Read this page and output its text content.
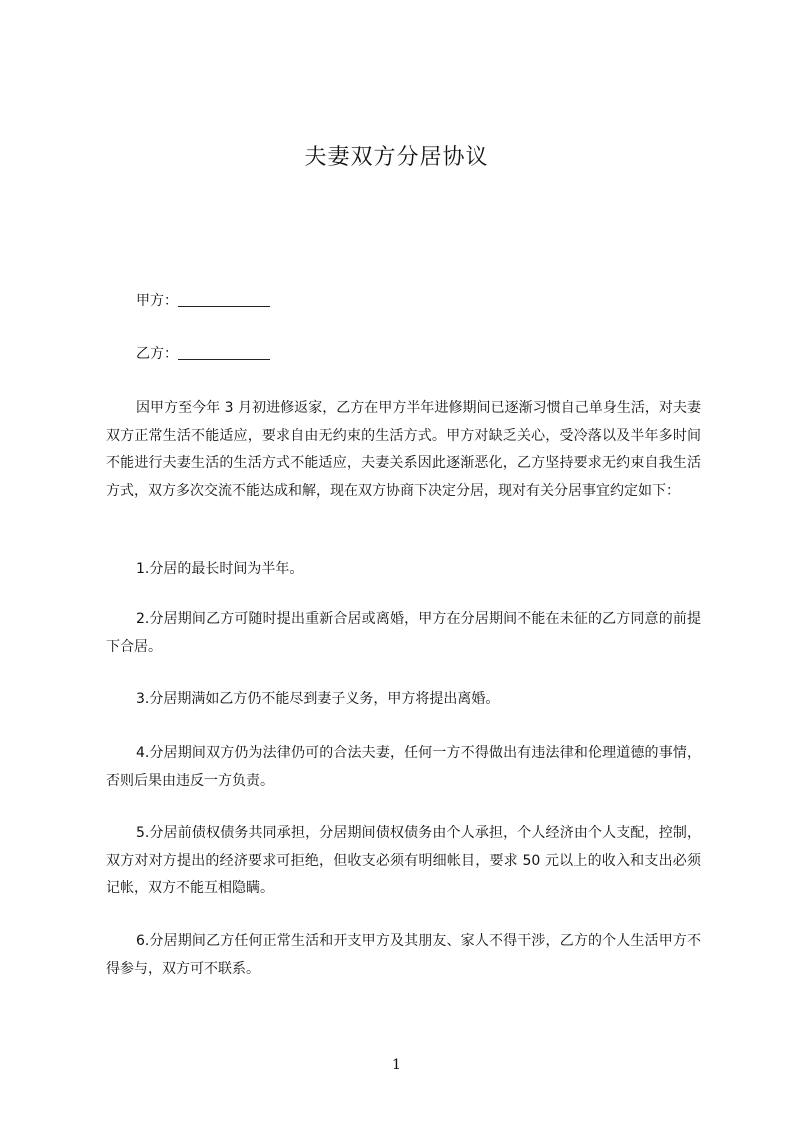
夫妻双方分居协议
甲方：
乙方：

因甲方至今年 3 月初进修返家，乙方在甲方半年进修期间已逐渐习惯自己单身生活，对夫妻双方正常生活不能适应，要求自由无约束的生活方式。甲方对缺乏关心，受冷落以及半年多时间不能进行夫妻生活的生活方式不能适应，夫妻关系因此逐渐恶化，乙方坚持要求无约束自我生活方式，双方多次交流不能达成和解，现在双方协商下决定分居，现对有关分居事宜约定如下：

1.分居的最长时间为半年。

2.分居期间乙方可随时提出重新合居或离婚，甲方在分居期间不能在未征的乙方同意的前提下合居。

3.分居期满如乙方仍不能尽到妻子义务，甲方将提出离婚。

4.分居期间双方仍为法律仍可的合法夫妻，任何一方不得做出有违法律和伦理道德的事情，否则后果由违反一方负责。

5.分居前债权债务共同承担，分居期间债权债务由个人承担，个人经济由个人支配，控制，双方对对方提出的经济要求可拒绝，但收支必须有明细帐目，要求 50 元以上的收入和支出必须记帐，双方不能互相隐瞒。

6.分居期间乙方任何正常生活和开支甲方及其朋友、家人不得干涉，乙方的个人生活甲方不得参与，双方可不联系。

1
